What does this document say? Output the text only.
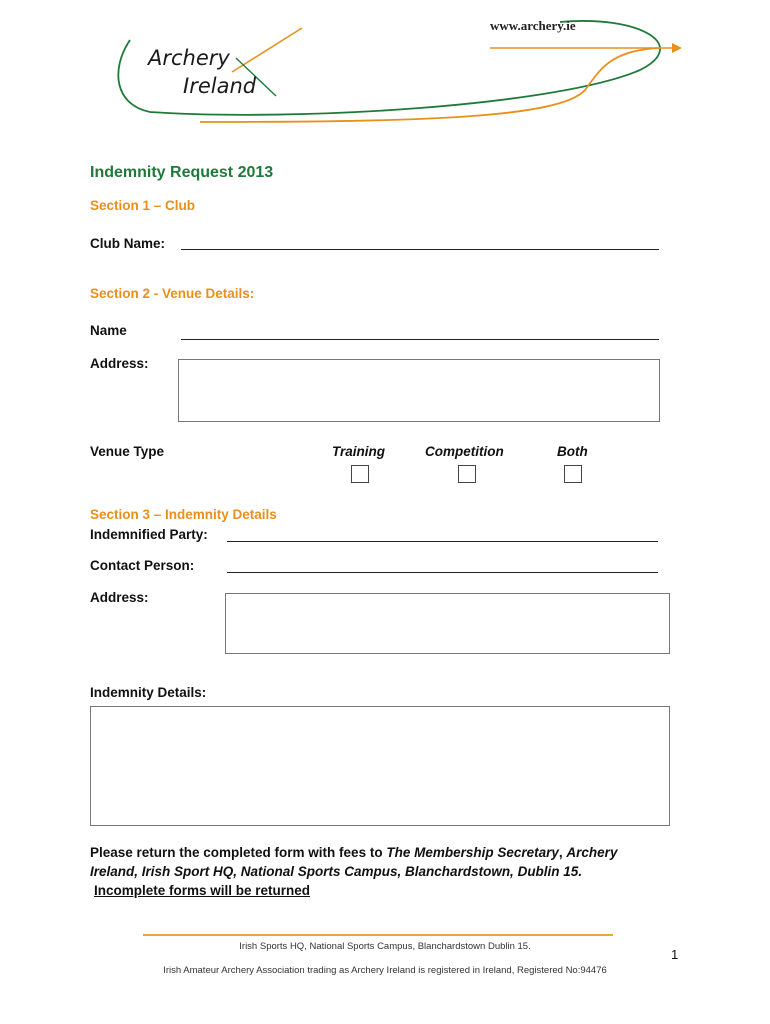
www.archery.ie
Archery
Ireland
Indemnity Request 2013
Section 1 – Club
Club Name:
Section 2 - Venue Details:
Name
Address:
Venue Type	Training	Competition	Both
Section 3 – Indemnity Details
Indemnified Party:
Contact Person:
Address:
Indemnity Details:
Please return the completed form with fees to The Membership Secretary, Archery Ireland, Irish Sport HQ, National Sports Campus, Blanchardstown, Dublin 15.
Incomplete forms will be returned
Irish Sports HQ, National Sports Campus, Blanchardstown Dublin 15.
Irish Amateur Archery Association trading as Archery Ireland is registered in Ireland, Registered No:94476
1
